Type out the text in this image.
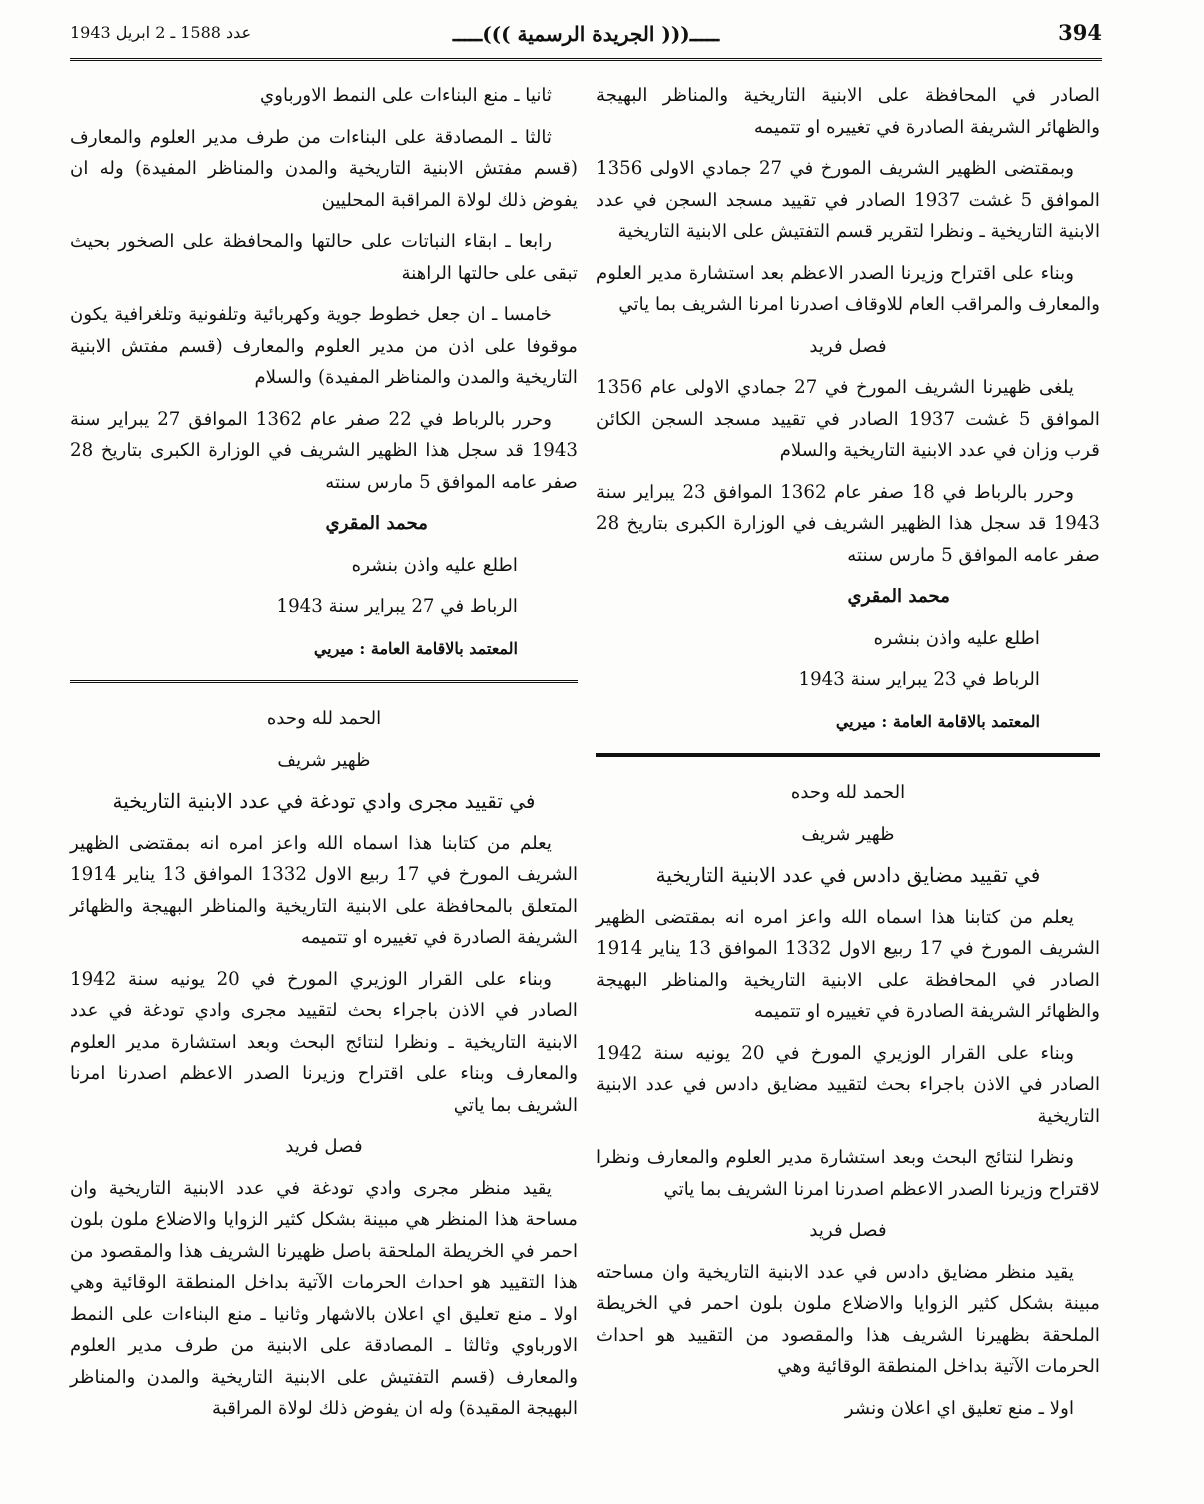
394
ـــــ((( الجريدة الرسمية )))ـــــ
عدد 1588 ـ 2 ابريل 1943

الصادر في المحافظة على الابنية التاريخية والمناظر البهيجة والظهائر الشريفة الصادرة في تغييره او تتميمه

وبمقتضى الظهير الشريف المورخ في 27 جمادي الاولى 1356 الموافق 5 غشت 1937 الصادر في تقييد مسجد السجن في عدد الابنية التاريخية ـ ونظرا لتقرير قسم التفتيش على الابنية التاريخية

وبناء على اقتراح وزيرنا الصدر الاعظم بعد استشارة مدير العلوم والمعارف والمراقب العام للاوقاف اصدرنا امرنا الشريف بما ياتي

فصل فريد

يلغى ظهيرنا الشريف المورخ في 27 جمادي الاولى عام 1356 الموافق 5 غشت 1937 الصادر في تقييد مسجد السجن الكائن قرب وزان في عدد الابنية التاريخية والسلام

وحرر بالرباط في 18 صفر عام 1362 الموافق 23 يبراير سنة 1943 قد سجل هذا الظهير الشريف في الوزارة الكبرى بتاريخ 28 صفر عامه الموافق 5 مارس سنته

محمد المقري

اطلع عليه واذن بنشره

الرباط في 23 يبراير سنة 1943

المعتمد بالاقامة العامة : ميريي

الحمد لله وحده

ظهير شريف

في تقييد مضايق دادس في عدد الابنية التاريخية

يعلم من كتابنا هذا اسماه الله واعز امره انه بمقتضى الظهير الشريف المورخ في 17 ربيع الاول 1332 الموافق 13 يناير 1914 الصادر في المحافظة على الابنية التاريخية والمناظر البهيجة والظهائر الشريفة الصادرة في تغييره او تتميمه

وبناء على القرار الوزيري المورخ في 20 يونيه سنة 1942 الصادر في الاذن باجراء بحث لتقييد مضايق دادس في عدد الابنية التاريخية

ونظرا لنتائج البحث وبعد استشارة مدير العلوم والمعارف ونظرا لاقتراح وزيرنا الصدر الاعظم اصدرنا امرنا الشريف بما ياتي

فصل فريد

يقيد منظر مضايق دادس في عدد الابنية التاريخية وان مساحته مبينة بشكل كثير الزوايا والاضلاع ملون بلون احمر في الخريطة الملحقة بظهيرنا الشريف هذا والمقصود من التقييد هو احداث الحرمات الآتية بداخل المنطقة الوقائية وهي

اولا ـ منع تعليق اي اعلان ونشر

ثانيا ـ منع البناءات على النمط الاورباوي

ثالثا ـ المصادقة على البناءات من طرف مدير العلوم والمعارف (قسم مفتش الابنية التاريخية والمدن والمناظر المفيدة) وله ان يفوض ذلك لولاة المراقبة المحليين

رابعا ـ ابقاء النباتات على حالتها والمحافظة على الصخور بحيث تبقى على حالتها الراهنة

خامسا ـ ان جعل خطوط جوية وكهربائية وتلفونية وتلغرافية يكون موقوفا على اذن من مدير العلوم والمعارف (قسم مفتش الابنية التاريخية والمدن والمناظر المفيدة) والسلام

وحرر بالرباط في 22 صفر عام 1362 الموافق 27 يبراير سنة 1943 قد سجل هذا الظهير الشريف في الوزارة الكبرى بتاريخ 28 صفر عامه الموافق 5 مارس سنته

محمد المقري

اطلع عليه واذن بنشره

الرباط في 27 يبراير سنة 1943

المعتمد بالاقامة العامة : ميريي

الحمد لله وحده

ظهير شريف

في تقييد مجرى وادي تودغة في عدد الابنية التاريخية

يعلم من كتابنا هذا اسماه الله واعز امره انه بمقتضى الظهير الشريف المورخ في 17 ربيع الاول 1332 الموافق 13 يناير 1914 المتعلق بالمحافظة على الابنية التاريخية والمناظر البهيجة والظهائر الشريفة الصادرة في تغييره او تتميمه

وبناء على القرار الوزيري المورخ في 20 يونيه سنة 1942 الصادر في الاذن باجراء بحث لتقييد مجرى وادي تودغة في عدد الابنية التاريخية ـ ونظرا لنتائج البحث وبعد استشارة مدير العلوم والمعارف وبناء على اقتراح وزيرنا الصدر الاعظم اصدرنا امرنا الشريف بما ياتي

فصل فريد

يقيد منظر مجرى وادي تودغة في عدد الابنية التاريخية وان مساحة هذا المنظر هي مبينة بشكل كثير الزوايا والاضلاع ملون بلون احمر في الخريطة الملحقة باصل ظهيرنا الشريف هذا والمقصود من هذا التقييد هو احداث الحرمات الآتية بداخل المنطقة الوقائية وهي اولا ـ منع تعليق اي اعلان بالاشهار وثانيا ـ منع البناءات على النمط الاورباوي وثالثا ـ المصادقة على الابنية من طرف مدير العلوم والمعارف (قسم التفتيش على الابنية التاريخية والمدن والمناظر البهيجة المقيدة) وله ان يفوض ذلك لولاة المراقبة
